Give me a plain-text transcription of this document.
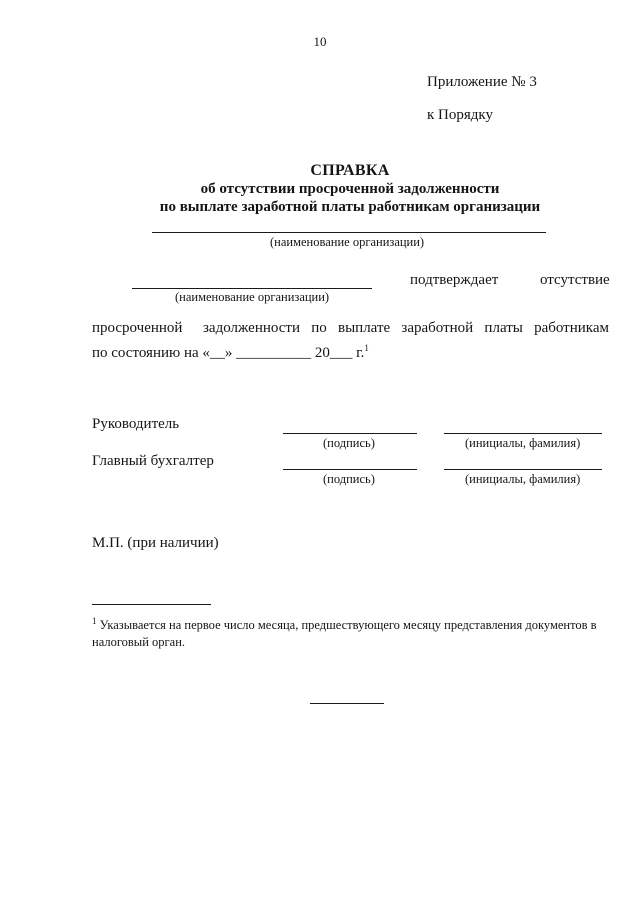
10
Приложение № 3
к Порядку
СПРАВКА
об отсутствии просроченной задолженности
по выплате заработной платы работникам организации
(наименование организации)
(наименование организации)
подтверждает	отсутствие
просроченной задолженности по выплате заработной платы работникам
по состоянию на «__» __________ 20___ г.$^1$
Руководитель
(подпись)	(инициалы, фамилия)
Главный бухгалтер
(подпись)	(инициалы, фамилия)
М.П. (при наличии)
$^1$ Указывается на первое число месяца, предшествующего месяцу представления документов в налоговый орган.
